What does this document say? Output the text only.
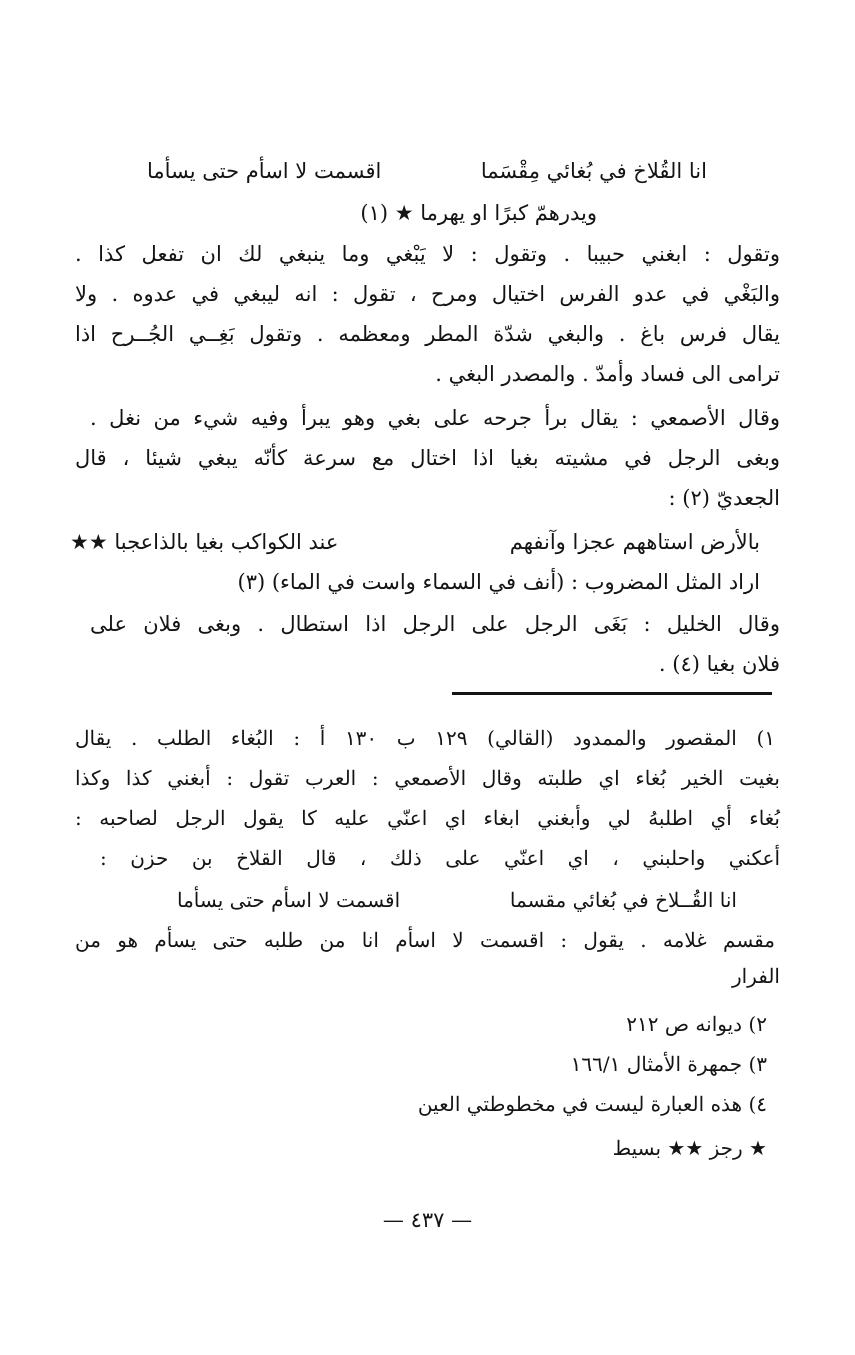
انا القُلاخ في بُغائي مِقْسَما
اقسمت لا اسأم حتى يسأما
ويدرهمّ كبرًا او يهرما ★ (١)
وتقول : ابغني حبيبا . وتقول : لا يَبْغي وما ينبغي لك ان تفعل كذا .
والبَغْي في عدو الفرس اختيال ومرح ، تقول : انه ليبغي في عدوه . ولا
يقال فرس باغ . والبغي شدّة المطر ومعظمه . وتقول بَغِــي الجُــرح اذا
ترامى الى فساد وأمدّ . والمصدر البغي .
وقال الأصمعي : يقال برأ جرحه على بغي وهو يبرأ وفيه شيء من نغل .
وبغى الرجل في مشيته بغيا اذا اختال مع سرعة كأنّه يبغي شيئا ، قال
الجعديّ (٢) :
بالأرض استاههم عجزا وآنفهم
عند الكواكب بغيا بالذاعجبا ★★
اراد المثل المضروب : (أنف في السماء واست في الماء) (٣)
وقال الخليل : بَغَى الرجل على الرجل اذا استطال . وبغى فلان على
فلان بغيا (٤) .
١) المقصور والممدود (القالي) ١٢٩ ب ١٣٠ أ : البُغاء الطلب . يقال
بغيت الخير بُغاء اي طلبته وقال الأصمعي : العرب تقول : أبغني كذا وكذا
بُغاء أي اطلبهُ لي وأبغني ابغاء اي اعنّي عليه كا يقول الرجل لصاحبه :
أعكني واحلبني ، اي اعنّي على ذلك ، قال القلاخ بن حزن :
انا القُــلاخ في بُغائي مقسما
اقسمت لا اسأم حتى يسأما
مقسم غلامه . يقول : اقسمت لا اسأم انا من طلبه حتى يسأم هو من
الفرار
٢) ديوانه ص ٢١٢
٣) جمهرة الأمثال ١٦٦/١
٤) هذه العبارة ليست في مخطوطتي العين
★ رجز ★★ بسيط
— ٤٣٧ —
